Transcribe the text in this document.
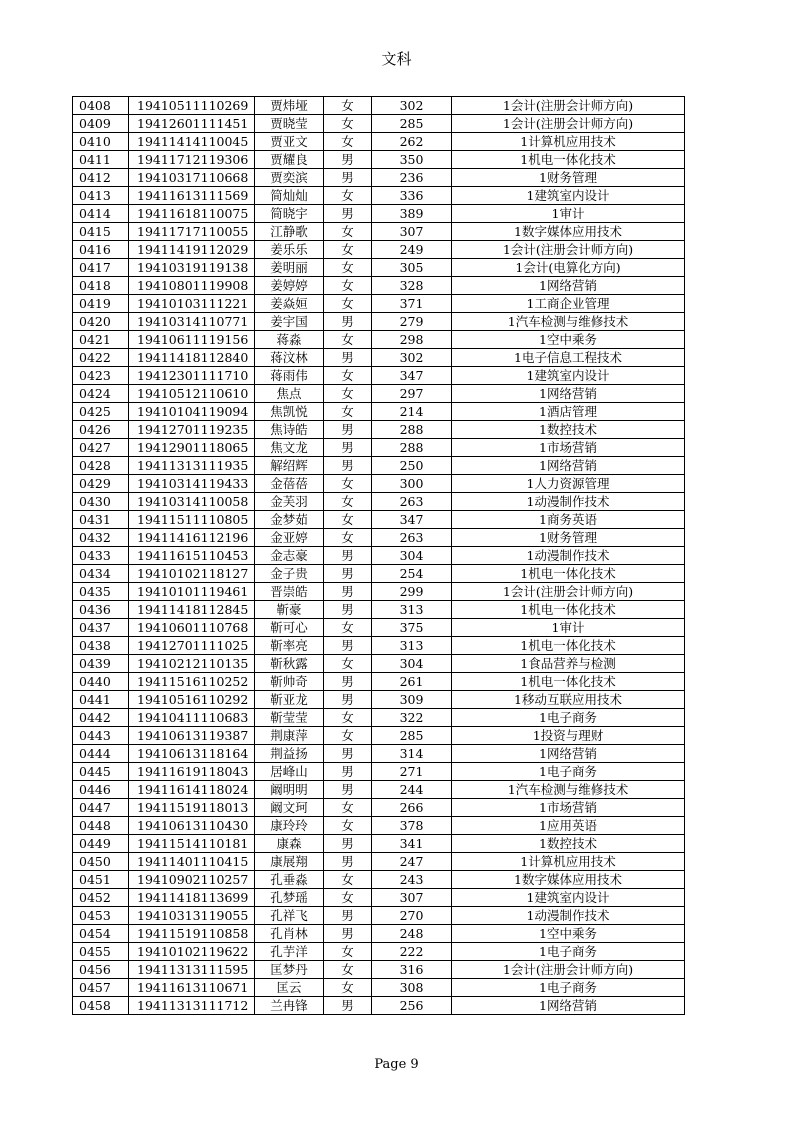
文科
0408	19410511110269	贾炜垭	女	302	1会计(注册会计师方向)
0409	19412601111451	贾晓莹	女	285	1会计(注册会计师方向)
0410	19411414110045	贾亚文	女	262	1计算机应用技术
0411	19411712119306	贾耀良	男	350	1机电一体化技术
0412	19410317110668	贾奕滨	男	236	1财务管理
0413	19411613111569	简灿灿	女	336	1建筑室内设计
0414	19411618110075	简晓宇	男	389	1审计
0415	19411717110055	江静歌	女	307	1数字媒体应用技术
0416	19411419112029	姜乐乐	女	249	1会计(注册会计师方向)
0417	19410319119138	姜明丽	女	305	1会计(电算化方向)
0418	19410801119908	姜婷婷	女	328	1网络营销
0419	19410103111221	姜焱姮	女	371	1工商企业管理
0420	19410314110771	姜宇国	男	279	1汽车检测与维修技术
0421	19410611119156	蒋淼	女	298	1空中乘务
0422	19411418112840	蒋汶林	男	302	1电子信息工程技术
0423	19412301111710	蒋雨伟	女	347	1建筑室内设计
0424	19410512110610	焦点	女	297	1网络营销
0425	19410104119094	焦凯悦	女	214	1酒店管理
0426	19412701119235	焦诗皓	男	288	1数控技术
0427	19412901118065	焦文龙	男	288	1市场营销
0428	19411313111935	解绍辉	男	250	1网络营销
0429	19410314119433	金蓓蓓	女	300	1人力资源管理
0430	19410314110058	金芙羽	女	263	1动漫制作技术
0431	19411511110805	金梦茹	女	347	1商务英语
0432	19411416112196	金亚婷	女	263	1财务管理
0433	19411615110453	金志豪	男	304	1动漫制作技术
0434	19410102118127	金子贵	男	254	1机电一体化技术
0435	19410101119461	晋崇皓	男	299	1会计(注册会计师方向)
0436	19411418112845	靳豪	男	313	1机电一体化技术
0437	19410601110768	靳可心	女	375	1审计
0438	19412701111025	靳率亮	男	313	1机电一体化技术
0439	19410212110135	靳秋露	女	304	1食品营养与检测
0440	19411516110252	靳帅奇	男	261	1机电一体化技术
0441	19410516110292	靳亚龙	男	309	1移动互联应用技术
0442	19410411110683	靳莹莹	女	322	1电子商务
0443	19410613119387	荆康萍	女	285	1投资与理财
0444	19410613118164	荆益扬	男	314	1网络营销
0445	19411619118043	居峰山	男	271	1电子商务
0446	19411614118024	阚明明	男	244	1汽车检测与维修技术
0447	19411519118013	阚文珂	女	266	1市场营销
0448	19410613110430	康玲玲	女	378	1应用英语
0449	19411514110181	康森	男	341	1数控技术
0450	19411401110415	康展翔	男	247	1计算机应用技术
0451	19410902110257	孔垂淼	女	243	1数字媒体应用技术
0452	19411418113699	孔梦瑶	女	307	1建筑室内设计
0453	19410313119055	孔祥飞	男	270	1动漫制作技术
0454	19411519110858	孔肖林	男	248	1空中乘务
0455	19410102119622	孔芋洋	女	222	1电子商务
0456	19411313111595	匡梦丹	女	316	1会计(注册会计师方向)
0457	19411613110671	匡云	女	308	1电子商务
0458	19411313111712	兰冉锋	男	256	1网络营销
Page 9
